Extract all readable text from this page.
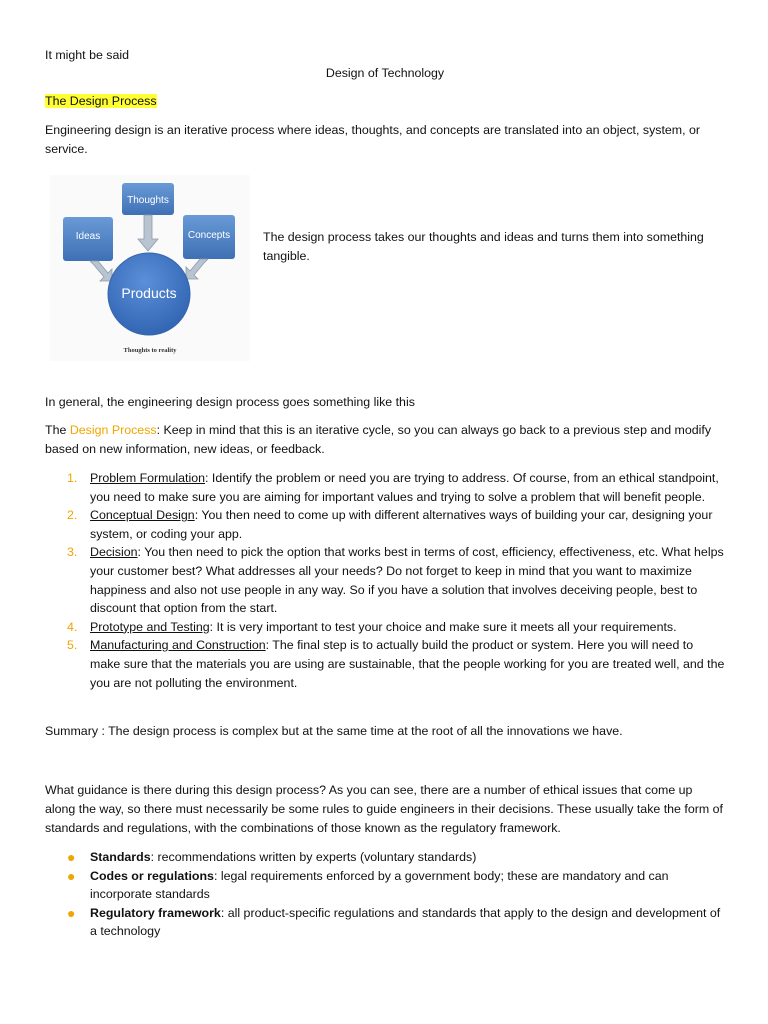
It might be said

Design of Technology

The Design Process

Engineering design is an iterative process where ideas, thoughts, and concepts are translated into an object, system, or service.

Thoughts
Ideas	Concepts
Products
Thoughts to reality

The design process takes our thoughts and ideas and turns them into something tangible.

In general, the engineering design process goes something like this

The Design Process: Keep in mind that this is an iterative cycle, so you can always go back to a previous step and modify based on new information, new ideas, or feedback.

1. Problem Formulation: Identify the problem or need you are trying to address. Of course, from an ethical standpoint, you need to make sure you are aiming for important values and trying to solve a problem that will benefit people.
2. Conceptual Design: You then need to come up with different alternatives ways of building your car, designing your system, or coding your app.
3. Decision: You then need to pick the option that works best in terms of cost, efficiency, effectiveness, etc. What helps your customer best? What addresses all your needs? Do not forget to keep in mind that you want to maximize happiness and also not use people in any way. So if you have a solution that involves deceiving people, best to discount that option from the start.
4. Prototype and Testing: It is very important to test your choice and make sure it meets all your requirements.
5. Manufacturing and Construction: The final step is to actually build the product or system. Here you will need to make sure that the materials you are using are sustainable, that the people working for you are treated well, and the you are not polluting the environment.

Summary : The design process is complex but at the same time at the root of all the innovations we have.

What guidance is there during this design process? As you can see, there are a number of ethical issues that come up along the way, so there must necessarily be some rules to guide engineers in their decisions. These usually take the form of standards and regulations, with the combinations of those known as the regulatory framework.

● Standards: recommendations written by experts (voluntary standards)
● Codes or regulations: legal requirements enforced by a government body; these are mandatory and can incorporate standards
● Regulatory framework: all product-specific regulations and standards that apply to the design and development of a technology
